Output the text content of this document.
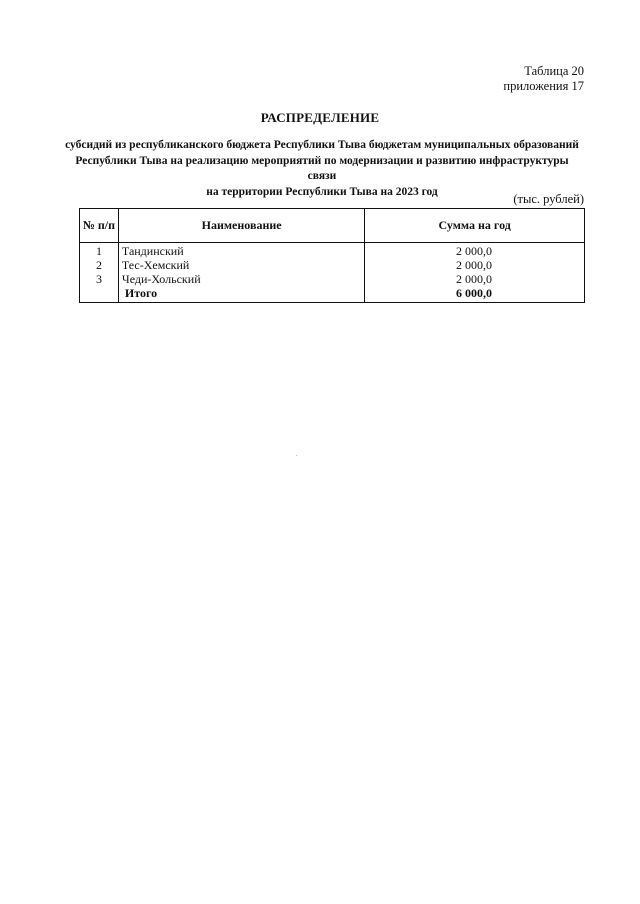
Таблица 20
приложения 17
РАСПРЕДЕЛЕНИЕ
субсидий из республиканского бюджета Республики Тыва бюджетам муниципальных образований
Республики Тыва на реализацию мероприятий по модернизации и развитию инфраструктуры связи
на территории Республики Тыва на 2023 год
(тыс. рублей)
№ п/п	Наименование	Сумма на год
1	Тандинский	2 000,0
2	Тес-Хемский	2 000,0
3	Чеди-Хольский	2 000,0
	Итого	6 000,0
